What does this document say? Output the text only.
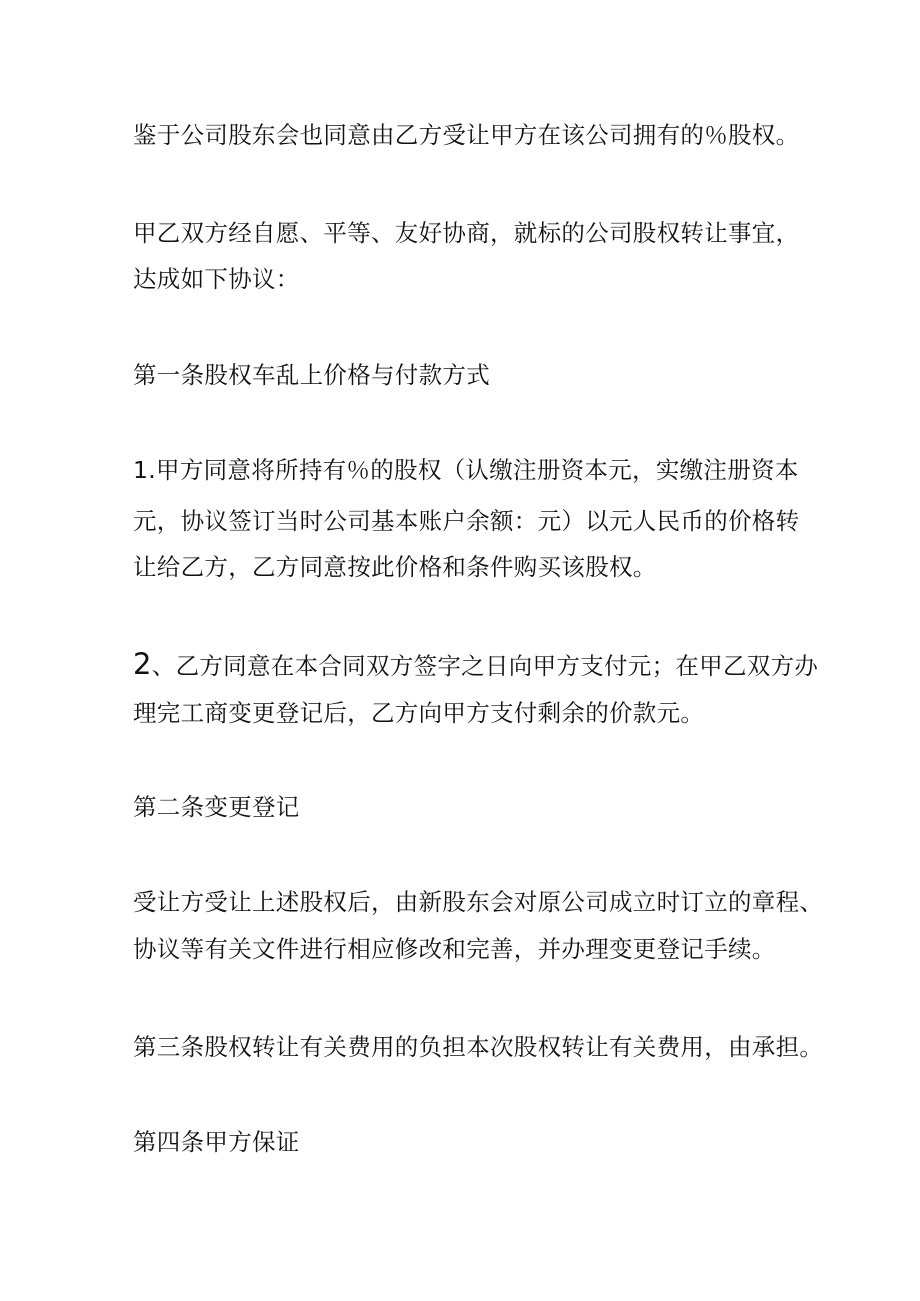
鉴于公司股东会也同意由乙方受让甲方在该公司拥有的％股权。
甲乙双方经自愿、平等、友好协商，就标的公司股权转让事宜，
达成如下协议：
第一条股权车乱上价格与付款方式
1.甲方同意将所持有％的股权（认缴注册资本元，实缴注册资本
元，协议签订当时公司基本账户余额：元）以元人民币的价格转
让给乙方，乙方同意按此价格和条件购买该股权。
2、乙方同意在本合同双方签字之日向甲方支付元；在甲乙双方办
理完工商变更登记后，乙方向甲方支付剩余的价款元。
第二条变更登记
受让方受让上述股权后，由新股东会对原公司成立时订立的章程、
协议等有关文件进行相应修改和完善，并办理变更登记手续。
第三条股权转让有关费用的负担本次股权转让有关费用，由承担。
第四条甲方保证
